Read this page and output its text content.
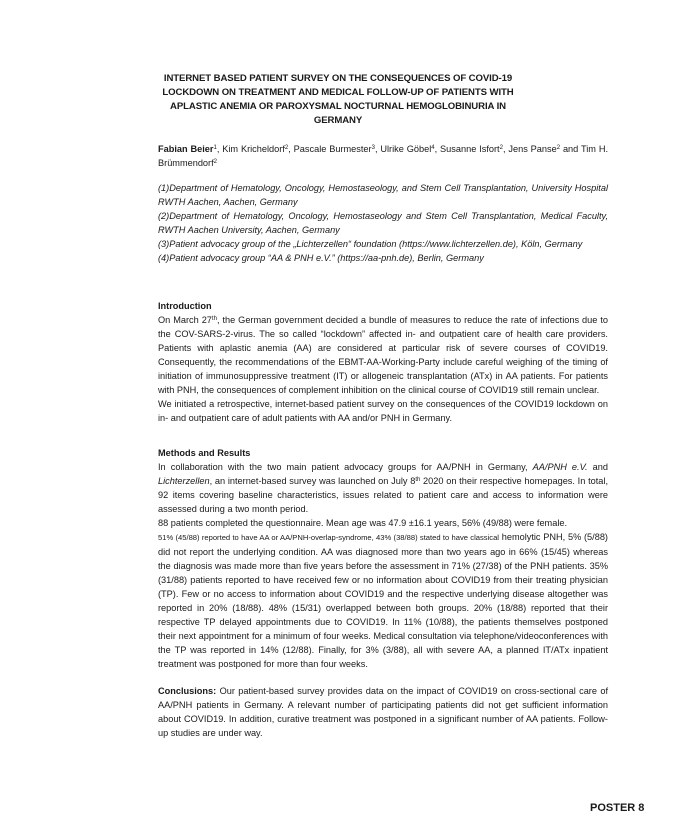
INTERNET BASED PATIENT SURVEY ON THE CONSEQUENCES OF COVID-19 LOCKDOWN ON TREATMENT AND MEDICAL FOLLOW-UP OF PATIENTS WITH APLASTIC ANEMIA OR PAROXYSMAL NOCTURNAL HEMOGLOBINURIA IN GERMANY
Fabian Beier$^1$, Kim Kricheldorf$^2$, Pascale Burmester$^3$, Ulrike Göbel$^4$, Susanne Isfort$^2$, Jens Panse$^2$ and Tim H. Brümmendorf$^2$

(1)Department of Hematology, Oncology, Hemostaseology, and Stem Cell Transplantation, University Hospital RWTH Aachen, Aachen, Germany

(2)Department of Hematology, Oncology, Hemostaseology and Stem Cell Transplantation, Medical Faculty, RWTH Aachen University, Aachen, Germany

(3)Patient advocacy group of the „Lichterzellen“ foundation (https://www.lichterzellen.de), Köln, Germany

(4)Patient advocacy group “AA & PNH e.V.” (https://aa-pnh.de), Berlin, Germany

Introduction

On March 27th, the German government decided a bundle of measures to reduce the rate of infections due to the COV-SARS-2-virus. The so called “lockdown” affected in- and outpatient care of health care providers. Patients with aplastic anemia (AA) are considered at particular risk of severe courses of COVID19. Consequently, the recommendations of the EBMT-AA-Working-Party include careful weighing of the timing of initiation of immunosuppressive treatment (IT) or allogeneic transplantation (ATx) in AA patients. For patients with PNH, the consequences of complement inhibition on the clinical course of COVID19 still remain unclear.

We initiated a retrospective, internet-based patient survey on the consequences of the COVID19 lockdown on in- and outpatient care of adult patients with AA and/or PNH in Germany.

Methods and Results

In collaboration with the two main patient advocacy groups for AA/PNH in Germany, AA/PNH e.V. and Lichterzellen, an internet-based survey was launched on July 8th 2020 on their respective homepages. In total, 92 items covering baseline characteristics, issues related to patient care and access to information were assessed during a two month period.

88 patients completed the questionnaire. Mean age was 47.9 ±16.1 years, 56% (49/88) were female.

51% (45/88) reported to have AA or AA/PNH-overlap-syndrome, 43% (38/88) stated to have classical hemolytic PNH, 5% (5/88) did not report the underlying condition. AA was diagnosed more than two years ago in 66% (15/45) whereas the diagnosis was made more than five years before the assessment in 71% (27/38) of the PNH patients. 35% (31/88) patients reported to have received few or no information about COVID19 from their treating physician (TP). Few or no access to information about COVID19 and the respective underlying disease altogether was reported in 20% (18/88). 48% (15/31) overlapped between both groups. 20% (18/88) reported that their respective TP delayed appointments due to COVID19. In 11% (10/88), the patients themselves postponed their next appointment for a minimum of four weeks. Medical consultation via telephone/videoconferences with the TP was reported in 14% (12/88). Finally, for 3% (3/88), all with severe AA, a planned IT/ATx inpatient treatment was postponed for more than four weeks.

Conclusions: Our patient-based survey provides data on the impact of COVID19 on cross-sectional care of AA/PNH patients in Germany. A relevant number of participating patients did not get sufficient information about COVID19. In addition, curative treatment was postponed in a significant number of AA patients. Follow-up studies are under way.

POSTER 8
